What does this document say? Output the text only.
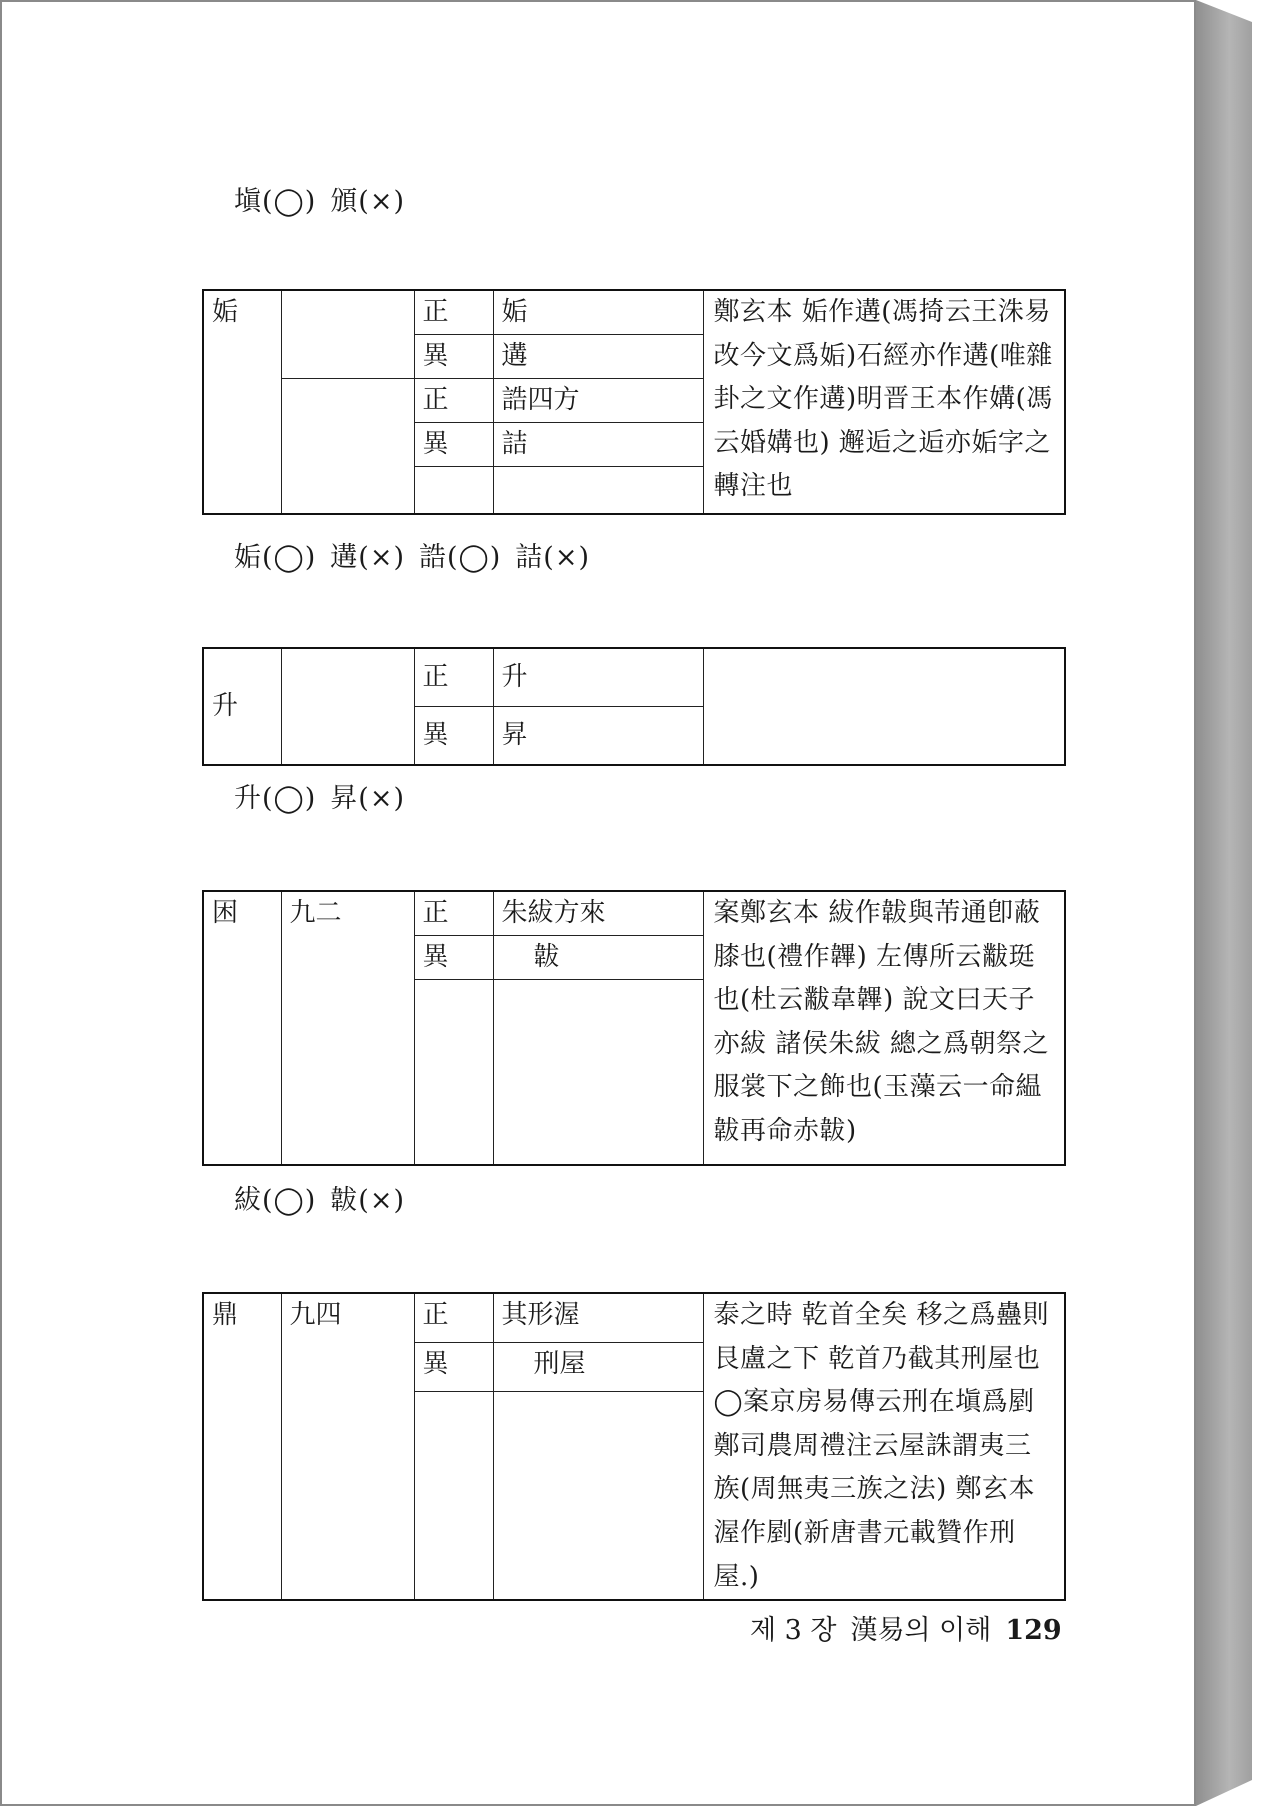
塡(◯) 頒(×)
姤		正	姤	鄭玄本 姤作遘(馮掎云王洙易改今文爲姤)石經亦作遘(唯雜卦之文作遘)明晋王本作媾(馮云婚媾也) 邂逅之逅亦姤字之轉注也
		異	遘	
		正	誥四方	
		異	詰	

姤(◯) 遘(×) 誥(◯) 詰(×)
升		正	升	
		異	昇	
升(◯) 昇(×)
困	九二	正	朱紱方來	案鄭玄本 紱作韍與芾通卽蔽膝也(禮作韠) 左傳所云黻珽也(杜云黻韋韠) 說文曰天子亦紱 諸侯朱紱 總之爲朝祭之服裳下之飾也(玉藻云一命緼韍再命赤韍)
		異	韍	

紱(◯) 韍(×)
鼎	九四	正	其形渥	泰之時 乾首全矣 移之爲蠱則艮盧之下 乾首乃截其刑屋也◯案京房易傳云刑在塡爲剭鄭司農周禮注云屋誅謂夷三族(周無夷三族之法) 鄭玄本渥作剭(新唐書元載贊作刑屋.)
		異	刑屋	

제 3 장 漢易의 이해 129
